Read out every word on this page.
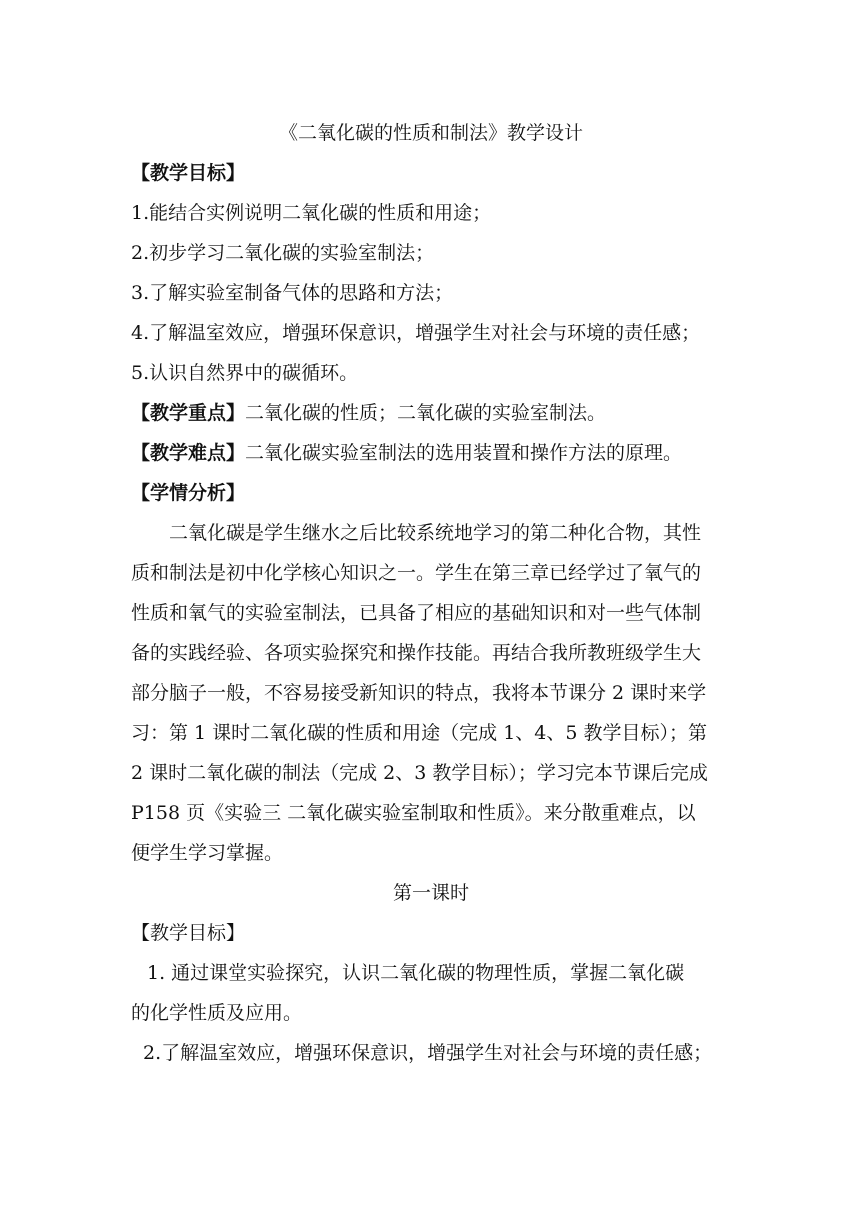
《二氧化碳的性质和制法》教学设计
【教学目标】
1.能结合实例说明二氧化碳的性质和用途；
2.初步学习二氧化碳的实验室制法；
3.了解实验室制备气体的思路和方法；
4.了解温室效应，增强环保意识，增强学生对社会与环境的责任感；
5.认识自然界中的碳循环。
【教学重点】二氧化碳的性质；二氧化碳的实验室制法。
【教学难点】二氧化碳实验室制法的选用装置和操作方法的原理。
【学情分析】
二氧化碳是学生继水之后比较系统地学习的第二种化合物，其性
质和制法是初中化学核心知识之一。学生在第三章已经学过了氧气的
性质和氧气的实验室制法，已具备了相应的基础知识和对一些气体制
备的实践经验、各项实验探究和操作技能。再结合我所教班级学生大
部分脑子一般，不容易接受新知识的特点，我将本节课分 2 课时来学
习：第 1 课时二氧化碳的性质和用途（完成 1、4、5 教学目标）；第
2 课时二氧化碳的制法（完成 2、3 教学目标）；学习完本节课后完成
P158 页《实验三 二氧化碳实验室制取和性质》。来分散重难点，以
便学生学习掌握。
第一课时
【教学目标】
1. 通过课堂实验探究，认识二氧化碳的物理性质，掌握二氧化碳
的化学性质及应用。
2.了解温室效应，增强环保意识，增强学生对社会与环境的责任感；
